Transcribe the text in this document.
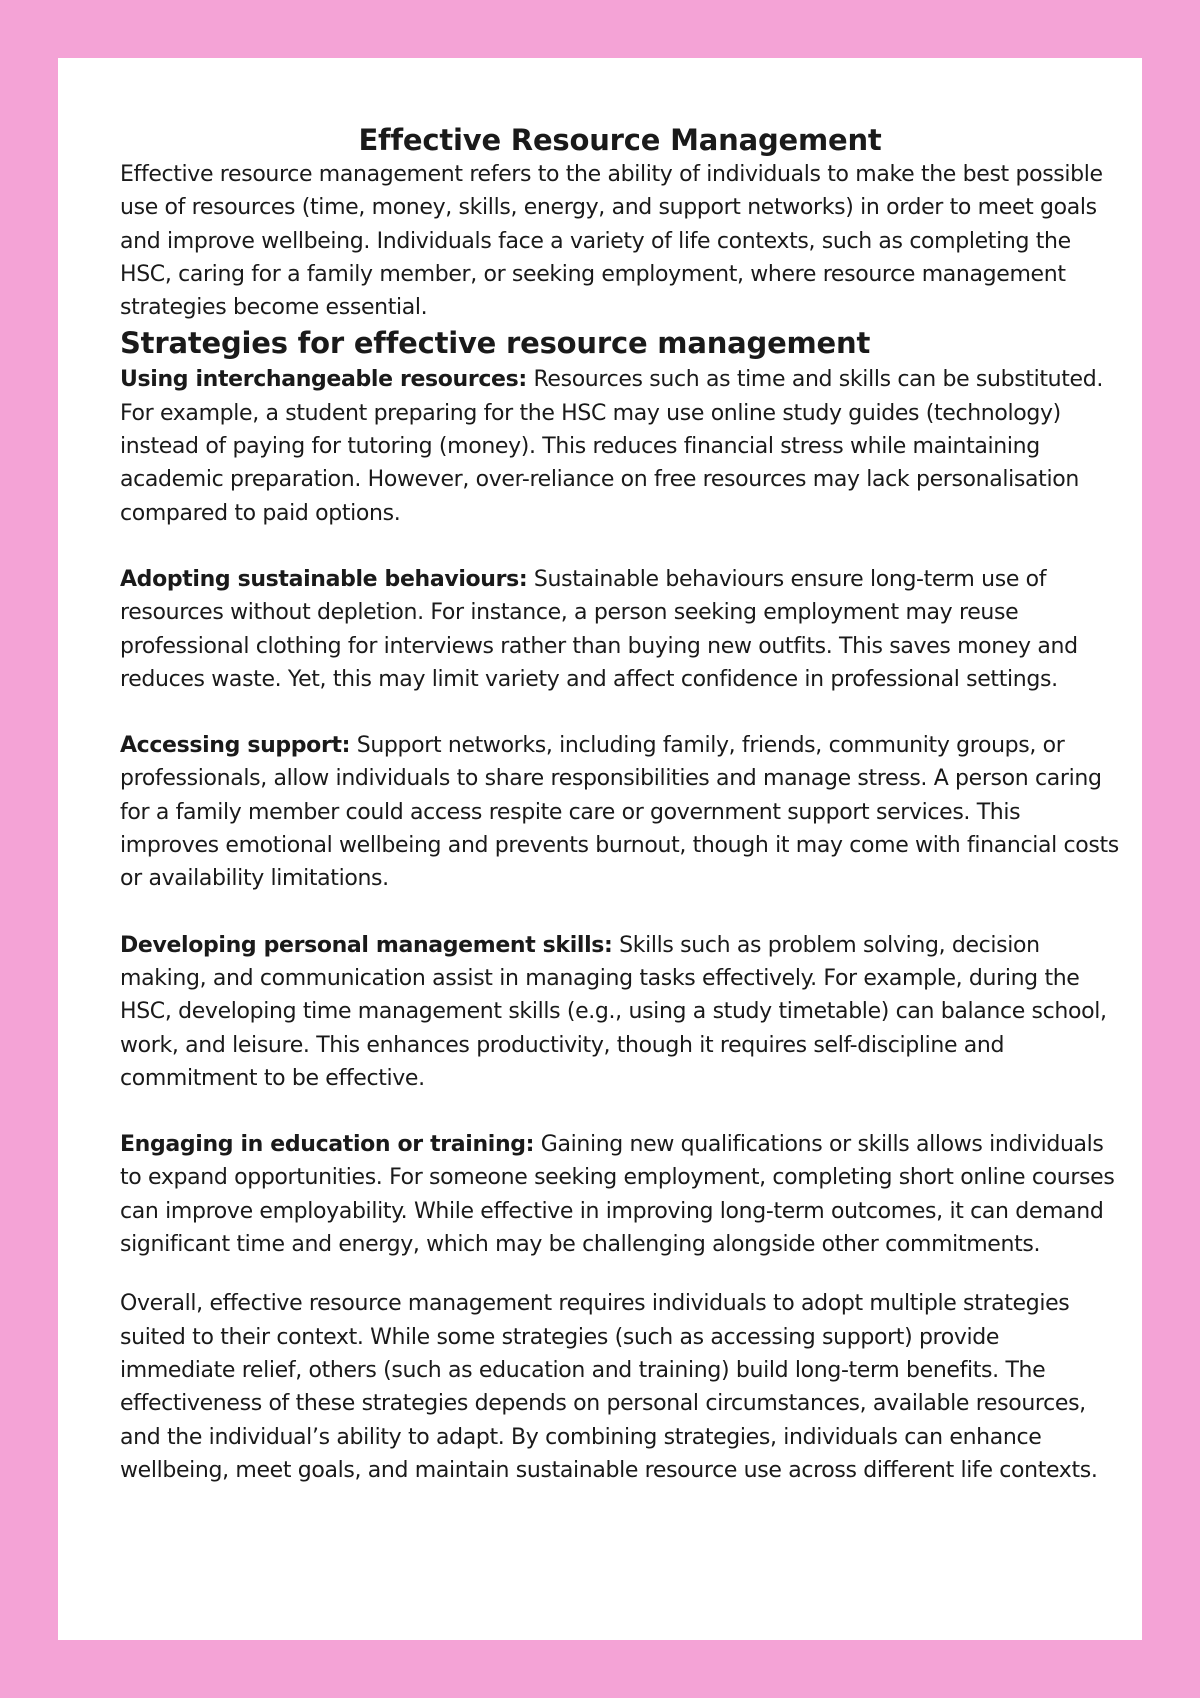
Effective Resource Management

Effective resource management refers to the ability of individuals to make the best possible use of resources (time, money, skills, energy, and support networks) in order to meet goals and improve wellbeing. Individuals face a variety of life contexts, such as completing the HSC, caring for a family member, or seeking employment, where resource management strategies become essential.

Strategies for effective resource management

Using interchangeable resources: Resources such as time and skills can be substituted. For example, a student preparing for the HSC may use online study guides (technology) instead of paying for tutoring (money). This reduces financial stress while maintaining academic preparation. However, over-reliance on free resources may lack personalisation compared to paid options.

Adopting sustainable behaviours: Sustainable behaviours ensure long-term use of resources without depletion. For instance, a person seeking employment may reuse professional clothing for interviews rather than buying new outfits. This saves money and reduces waste. Yet, this may limit variety and affect confidence in professional settings.

Accessing support: Support networks, including family, friends, community groups, or professionals, allow individuals to share responsibilities and manage stress. A person caring for a family member could access respite care or government support services. This improves emotional wellbeing and prevents burnout, though it may come with financial costs or availability limitations.

Developing personal management skills: Skills such as problem solving, decision making, and communication assist in managing tasks effectively. For example, during the HSC, developing time management skills (e.g., using a study timetable) can balance school, work, and leisure. This enhances productivity, though it requires self-discipline and commitment to be effective.

Engaging in education or training: Gaining new qualifications or skills allows individuals to expand opportunities. For someone seeking employment, completing short online courses can improve employability. While effective in improving long-term outcomes, it can demand significant time and energy, which may be challenging alongside other commitments.

Overall, effective resource management requires individuals to adopt multiple strategies suited to their context. While some strategies (such as accessing support) provide immediate relief, others (such as education and training) build long-term benefits. The effectiveness of these strategies depends on personal circumstances, available resources, and the individual’s ability to adapt. By combining strategies, individuals can enhance wellbeing, meet goals, and maintain sustainable resource use across different life contexts.
